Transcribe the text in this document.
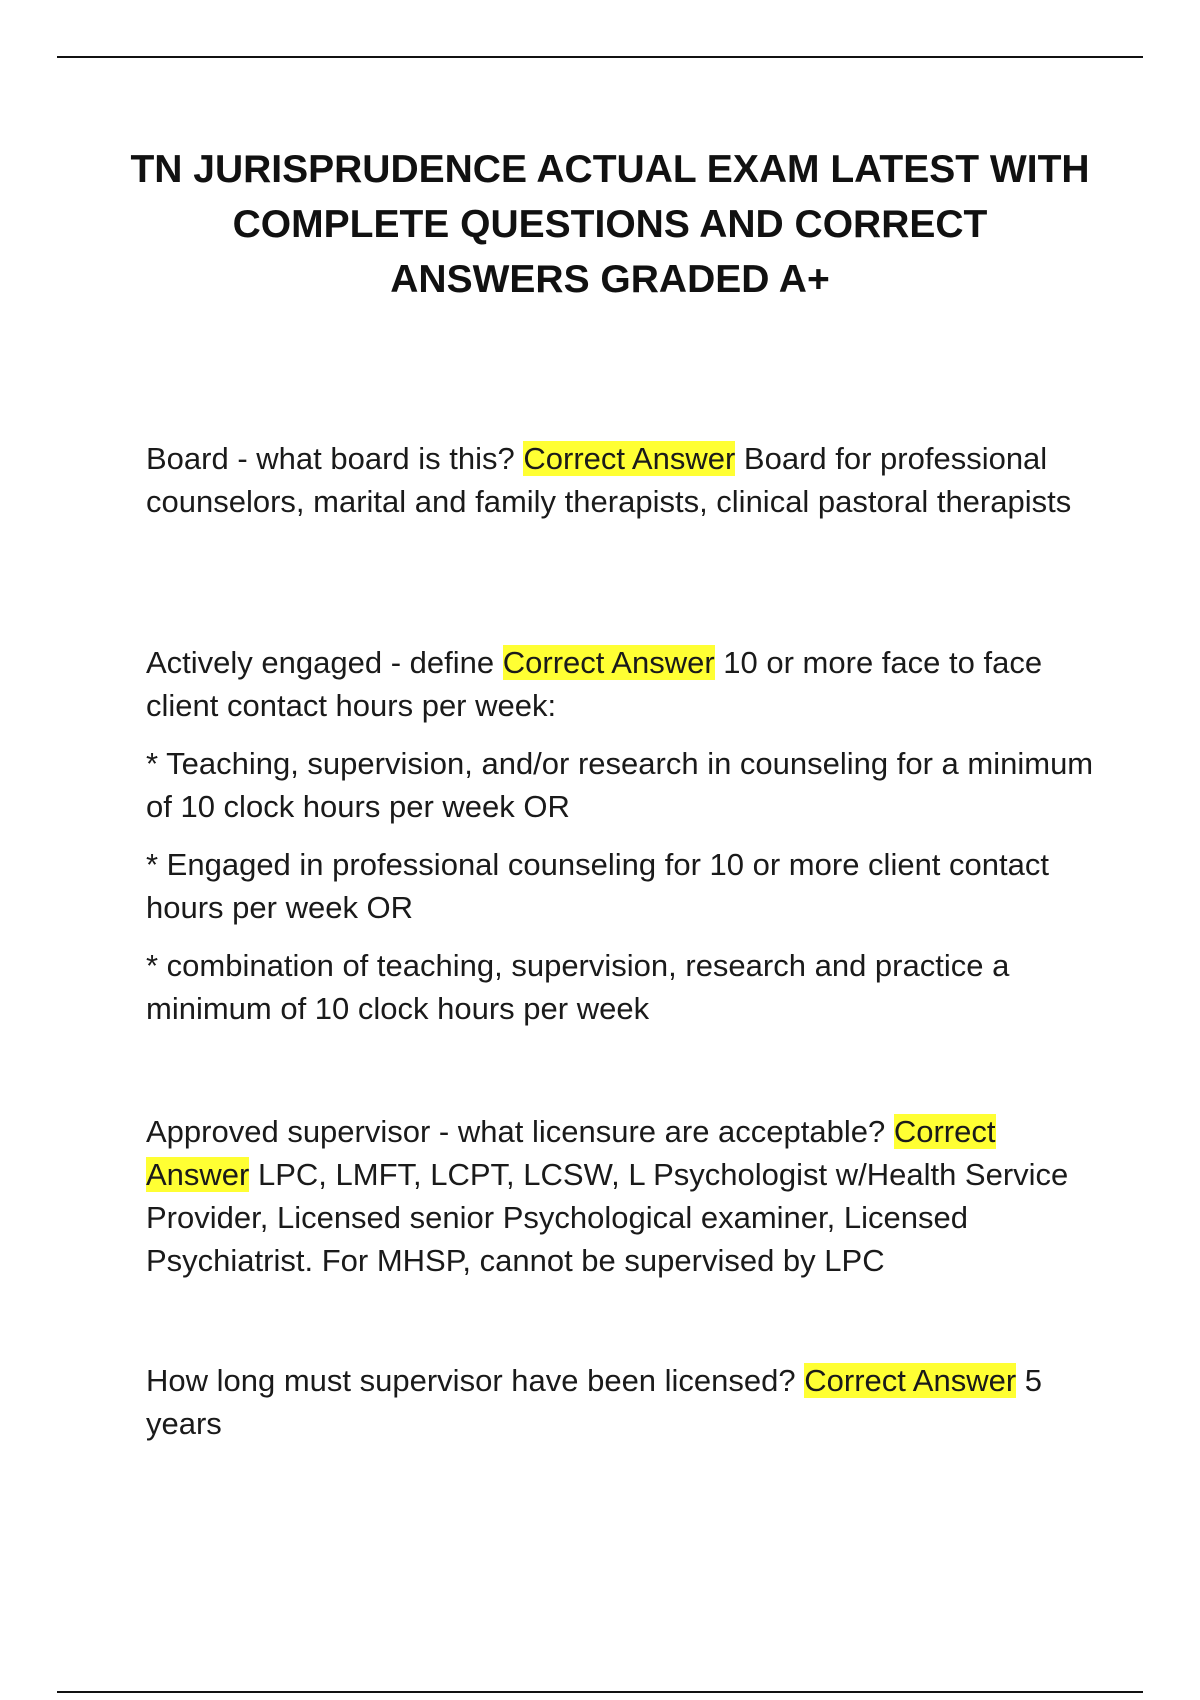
TN JURISPRUDENCE ACTUAL EXAM LATEST WITH COMPLETE QUESTIONS AND CORRECT ANSWERS GRADED A+

Board - what board is this? Correct Answer Board for professional counselors, marital and family therapists, clinical pastoral therapists

Actively engaged - define Correct Answer 10 or more face to face client contact hours per week:

* Teaching, supervision, and/or research in counseling for a minimum of 10 clock hours per week OR

* Engaged in professional counseling for 10 or more client contact hours per week OR

* combination of teaching, supervision, research and practice a minimum of 10 clock hours per week

Approved supervisor - what licensure are acceptable? Correct Answer LPC, LMFT, LCPT, LCSW, L Psychologist w/Health Service Provider, Licensed senior Psychological examiner, Licensed Psychiatrist. For MHSP, cannot be supervised by LPC

How long must supervisor have been licensed? Correct Answer 5 years
